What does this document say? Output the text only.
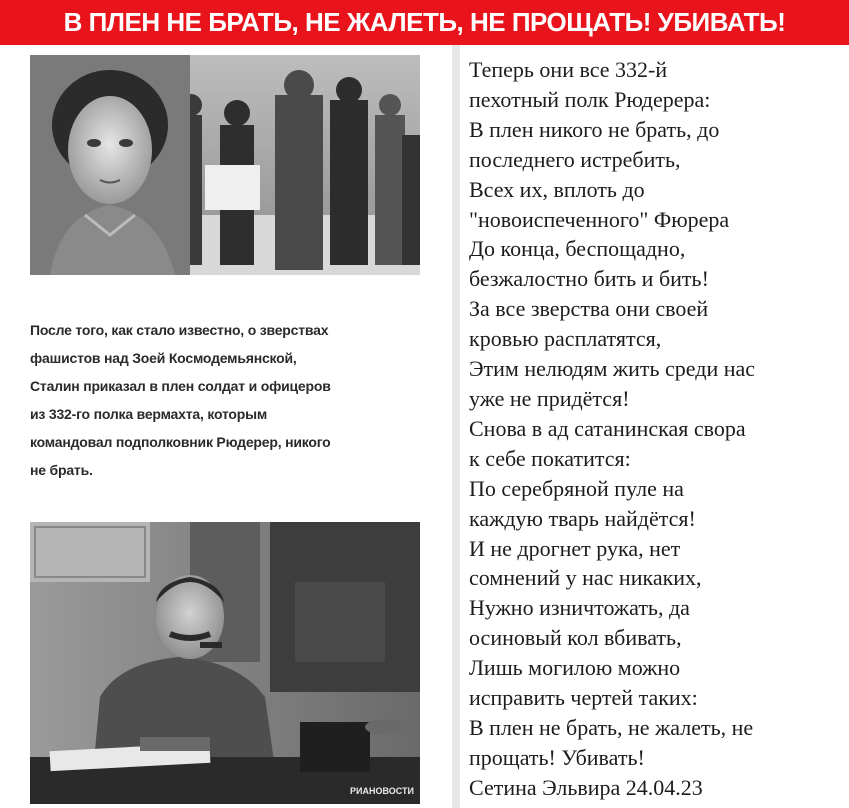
В ПЛЕН НЕ БРАТЬ, НЕ ЖАЛЕТЬ, НЕ ПРОЩАТЬ! УБИВАТЬ!
После того, как стало известно, о зверствах
фашистов над Зоей Космодемьянской,
Сталин приказал в плен солдат и офицеров
из 332-го полка вермахта, которым
командовал подполковник Рюдерер, никого
не брать.
РИАНОВОСТИ
Теперь они все 332-й
пехотный полк Рюдерера:
В плен никого не брать, до
последнего истребить,
Всех их, вплоть до
"новоиспеченного" Фюрера
До конца, беспощадно,
безжалостно бить и бить!
За все зверства они своей
кровью расплатятся,
Этим нелюдям жить среди нас
уже не придётся!
Снова в ад сатанинская свора
к себе покатится:
По серебряной пуле на
каждую тварь найдётся!
И не дрогнет рука, нет
сомнений у нас никаких,
Нужно изничтожать, да
осиновый кол вбивать,
Лишь могилою можно
исправить чертей таких:
В плен не брать, не жалеть, не
прощать! Убивать!
Сетина Эльвира 24.04.23
